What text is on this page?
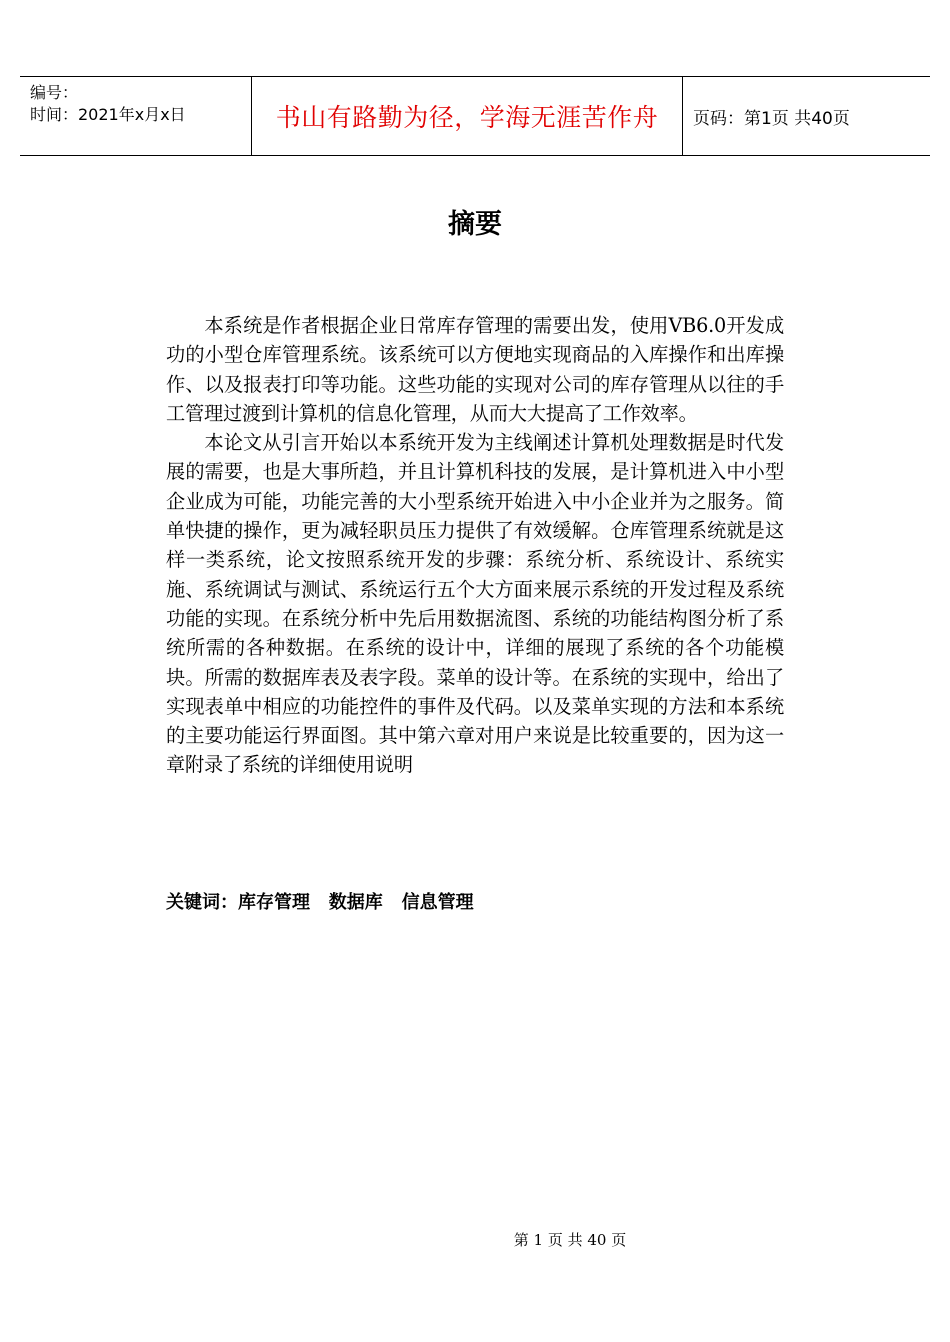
编号：
时间：2021年x月x日	书山有路勤为径，学海无涯苦作舟	页码：第1页 共40页
摘要

本系统是作者根据企业日常库存管理的需要出发，使用VB6.0开发成功的小型仓库管理系统。该系统可以方便地实现商品的入库操作和出库操作、以及报表打印等功能。这些功能的实现对公司的库存管理从以往的手工管理过渡到计算机的信息化管理，从而大大提高了工作效率。

本论文从引言开始以本系统开发为主线阐述计算机处理数据是时代发展的需要，也是大事所趋，并且计算机科技的发展，是计算机进入中小型企业成为可能，功能完善的大小型系统开始进入中小企业并为之服务。简单快捷的操作，更为减轻职员压力提供了有效缓解。仓库管理系统就是这样一类系统，论文按照系统开发的步骤：系统分析、系统设计、系统实施、系统调试与测试、系统运行五个大方面来展示系统的开发过程及系统功能的实现。在系统分析中先后用数据流图、系统的功能结构图分析了系统所需的各种数据。在系统的设计中，详细的展现了系统的各个功能模块。所需的数据库表及表字段。菜单的设计等。在系统的实现中，给出了实现表单中相应的功能控件的事件及代码。以及菜单实现的方法和本系统的主要功能运行界面图。其中第六章对用户来说是比较重要的，因为这一章附录了系统的详细使用说明

关键词：库存管理   数据库   信息管理
第 1 页 共 40 页
